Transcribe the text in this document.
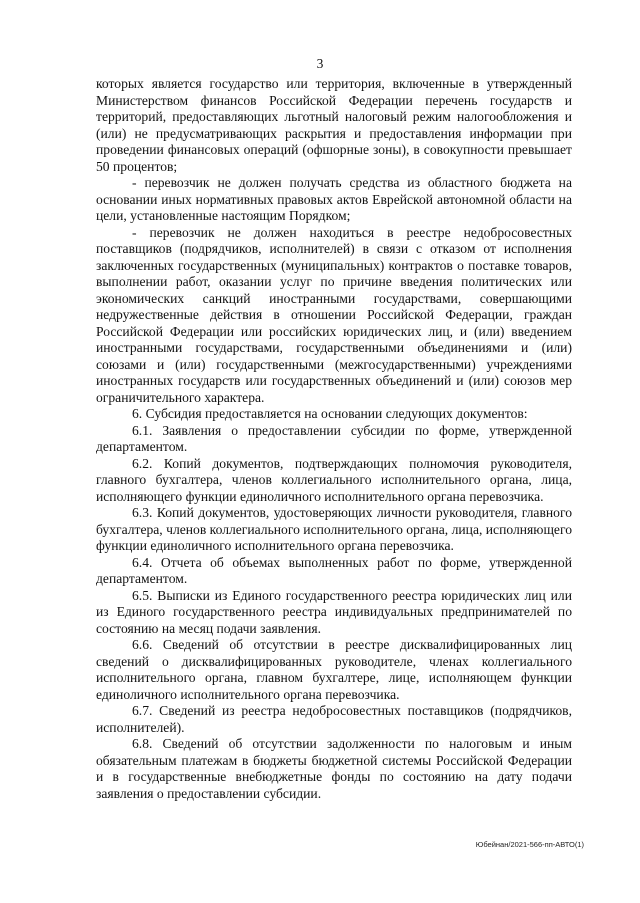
3

которых является государство или территория, включенные в утвержденный Министерством финансов Российской Федерации перечень государств и территорий, предоставляющих льготный налоговый режим налогообложения и (или) не предусматривающих раскрытия и предоставления информации при проведении финансовых операций (офшорные зоны), в совокупности превышает 50 процентов;

- перевозчик не должен получать средства из областного бюджета на основании иных нормативных правовых актов Еврейской автономной области на цели, установленные настоящим Порядком;

- перевозчик не должен находиться в реестре недобросовестных поставщиков (подрядчиков, исполнителей) в связи с отказом от исполнения заключенных государственных (муниципальных) контрактов о поставке товаров, выполнении работ, оказании услуг по причине введения политических или экономических санкций иностранными государствами, совершающими недружественные действия в отношении Российской Федерации, граждан Российской Федерации или российских юридических лиц, и (или) введением иностранными государствами, государственными объединениями и (или) союзами и (или) государственными (межгосударственными) учреждениями иностранных государств или государственных объединений и (или) союзов мер ограничительного характера.

6. Субсидия предоставляется на основании следующих документов:

6.1. Заявления о предоставлении субсидии по форме, утвержденной департаментом.

6.2. Копий документов, подтверждающих полномочия руководителя, главного бухгалтера, членов коллегиального исполнительного органа, лица, исполняющего функции единоличного исполнительного органа перевозчика.

6.3. Копий документов, удостоверяющих личности руководителя, главного бухгалтера, членов коллегиального исполнительного органа, лица, исполняющего функции единоличного исполнительного органа перевозчика.

6.4. Отчета об объемах выполненных работ по форме, утвержденной департаментом.

6.5. Выписки из Единого государственного реестра юридических лиц или из Единого государственного реестра индивидуальных предпринимателей по состоянию на месяц подачи заявления.

6.6. Сведений об отсутствии в реестре дисквалифицированных лиц сведений о дисквалифицированных руководителе, членах коллегиального исполнительного органа, главном бухгалтере, лице, исполняющем функции единоличного исполнительного органа перевозчика.

6.7. Сведений из реестра недобросовестных поставщиков (подрядчиков, исполнителей).

6.8. Сведений об отсутствии задолженности по налоговым и иным обязательным платежам в бюджеты бюджетной системы Российской Федерации и в государственные внебюджетные фонды по состоянию на дату подачи заявления о предоставлении субсидии.

Юбейнан/2021-566-пп-АВТО(1)
